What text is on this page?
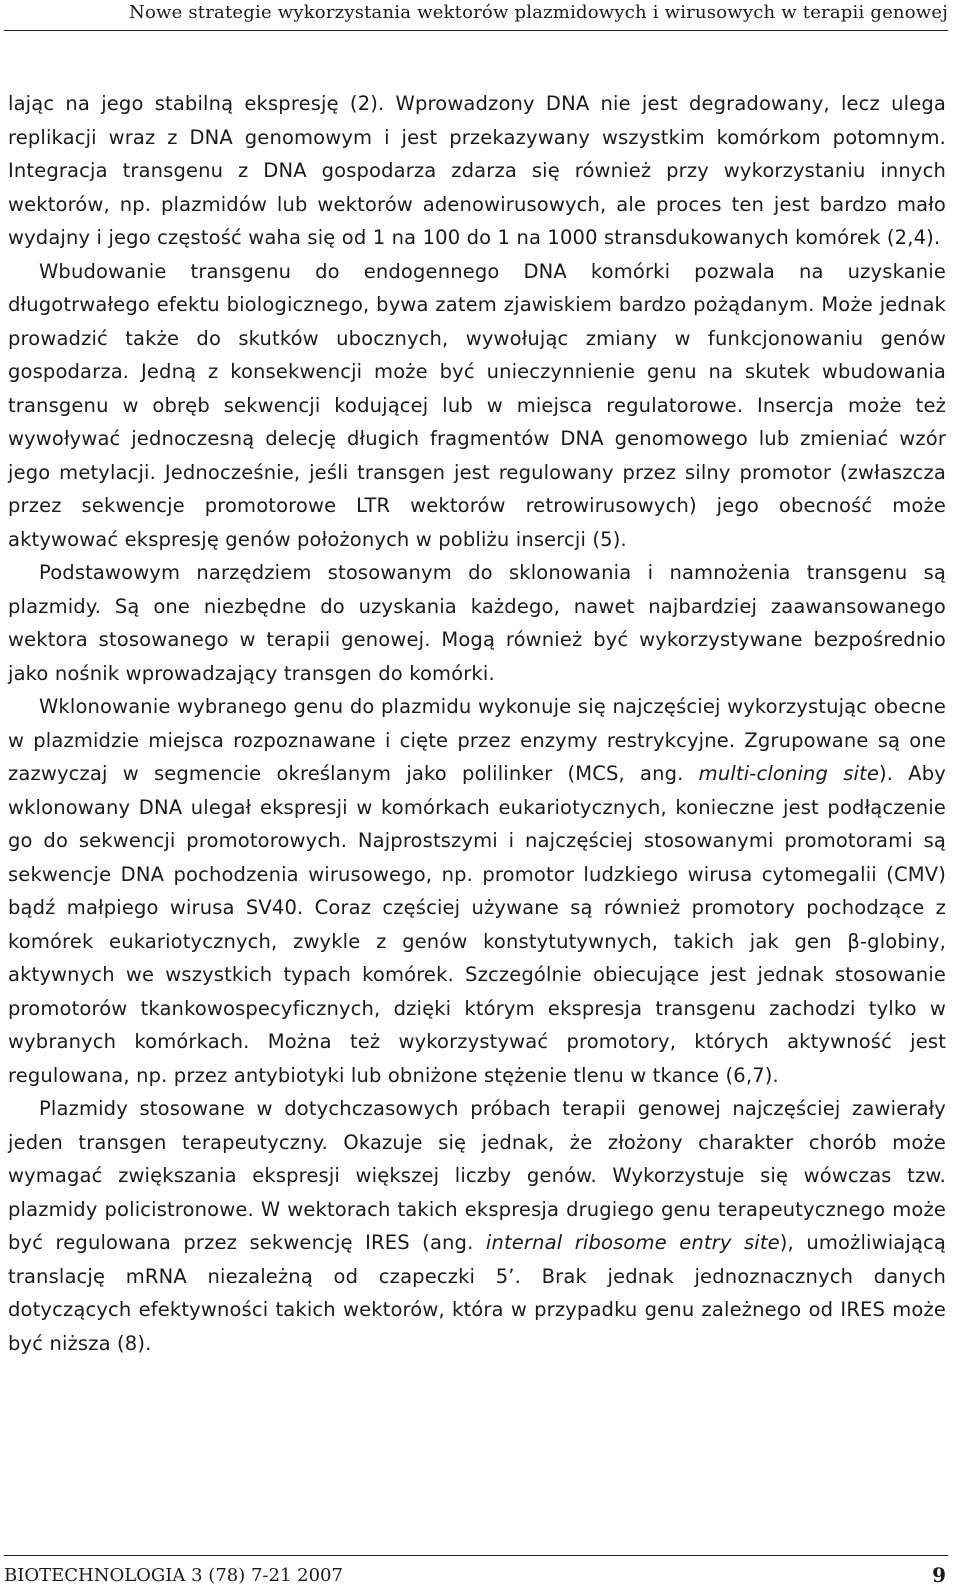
Nowe strategie wykorzystania wektorów plazmidowych i wirusowych w terapii genowej

lając na jego stabilną ekspresję (2). Wprowadzony DNA nie jest degradowany, lecz ulega replikacji wraz z DNA genomowym i jest przekazywany wszystkim komórkom potomnym. Integracja transgenu z DNA gospodarza zdarza się również przy wykorzystaniu innych wektorów, np. plazmidów lub wektorów adenowirusowych, ale proces ten jest bardzo mało wydajny i jego częstość waha się od 1 na 100 do 1 na 1000 stransdukowanych komórek (2,4).

Wbudowanie transgenu do endogennego DNA komórki pozwala na uzyskanie długotrwałego efektu biologicznego, bywa zatem zjawiskiem bardzo pożądanym. Może jednak prowadzić także do skutków ubocznych, wywołując zmiany w funkcjonowaniu genów gospodarza. Jedną z konsekwencji może być unieczynnienie genu na skutek wbudowania transgenu w obręb sekwencji kodującej lub w miejsca regulatorowe. Insercja może też wywoływać jednoczesną delecję długich fragmentów DNA genomowego lub zmieniać wzór jego metylacji. Jednocześnie, jeśli transgen jest regulowany przez silny promotor (zwłaszcza przez sekwencje promotorowe LTR wektorów retrowirusowych) jego obecność może aktywować ekspresję genów położonych w pobliżu insercji (5).

Podstawowym narzędziem stosowanym do sklonowania i namnożenia transgenu są plazmidy. Są one niezbędne do uzyskania każdego, nawet najbardziej zaawansowanego wektora stosowanego w terapii genowej. Mogą również być wykorzystywane bezpośrednio jako nośnik wprowadzający transgen do komórki.

Wklonowanie wybranego genu do plazmidu wykonuje się najczęściej wykorzystując obecne w plazmidzie miejsca rozpoznawane i cięte przez enzymy restrykcyjne. Zgrupowane są one zazwyczaj w segmencie określanym jako polilinker (MCS, ang. multi-cloning site). Aby wklonowany DNA ulegał ekspresji w komórkach eukariotycznych, konieczne jest podłączenie go do sekwencji promotorowych. Najprostszymi i najczęściej stosowanymi promotorami są sekwencje DNA pochodzenia wirusowego, np. promotor ludzkiego wirusa cytomegalii (CMV) bądź małpiego wirusa SV40. Coraz częściej używane są również promotory pochodzące z komórek eukariotycznych, zwykle z genów konstytutywnych, takich jak gen β-globiny, aktywnych we wszystkich typach komórek. Szczególnie obiecujące jest jednak stosowanie promotorów tkankowospecyficznych, dzięki którym ekspresja transgenu zachodzi tylko w wybranych komórkach. Można też wykorzystywać promotory, których aktywność jest regulowana, np. przez antybiotyki lub obniżone stężenie tlenu w tkance (6,7).

Plazmidy stosowane w dotychczasowych próbach terapii genowej najczęściej zawierały jeden transgen terapeutyczny. Okazuje się jednak, że złożony charakter chorób może wymagać zwiększania ekspresji większej liczby genów. Wykorzystuje się wówczas tzw. plazmidy policistronowe. W wektorach takich ekspresja drugiego genu terapeutycznego może być regulowana przez sekwencję IRES (ang. internal ribosome entry site), umożliwiającą translację mRNA niezależną od czapeczki 5’. Brak jednak jednoznacznych danych dotyczących efektywności takich wektorów, która w przypadku genu zależnego od IRES może być niższa (8).

BIOTECHNOLOGIA 3 (78) 7-21 2007	9
